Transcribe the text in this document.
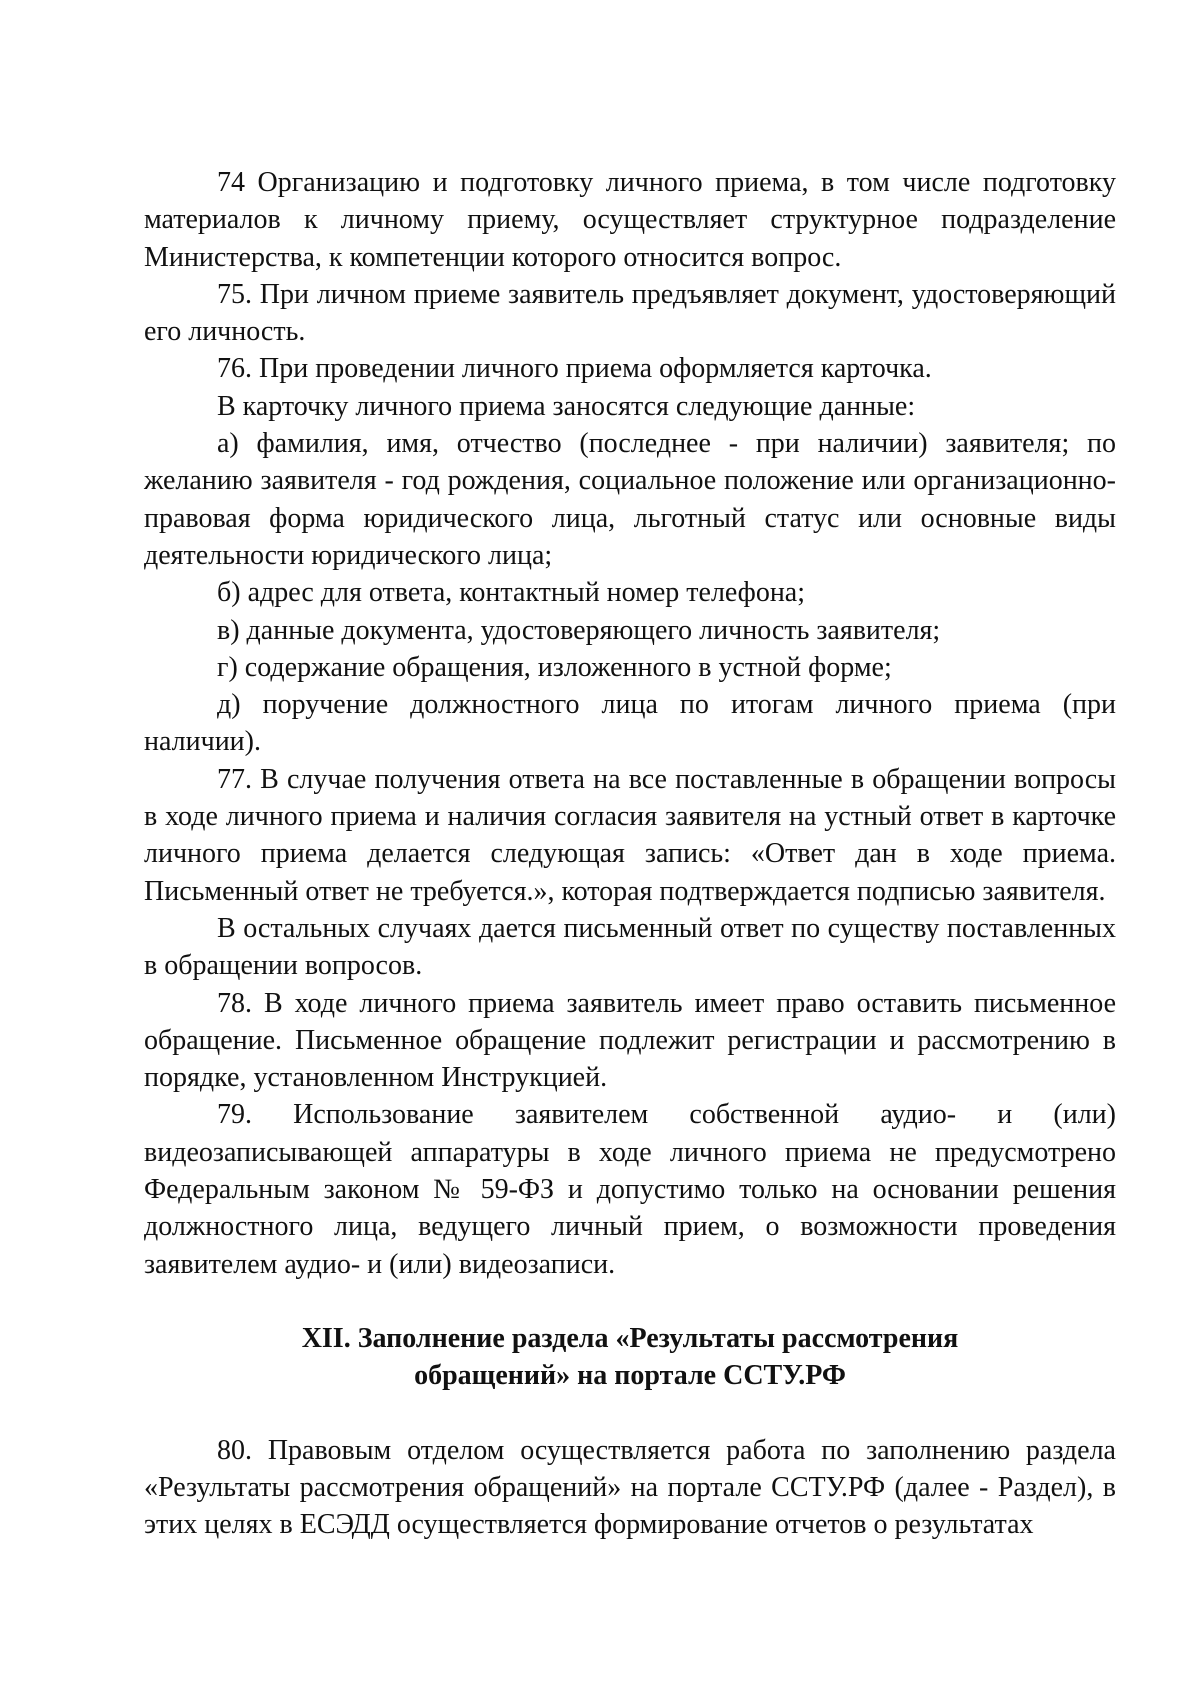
74 Организацию и подготовку личного приема, в том числе подготовку материалов к личному приему, осуществляет структурное подразделение Министерства, к компетенции которого относится вопрос.

75. При личном приеме заявитель предъявляет документ, удостоверяющий его личность.

76. При проведении личного приема оформляется карточка.

В карточку личного приема заносятся следующие данные:

а) фамилия, имя, отчество (последнее - при наличии) заявителя; по желанию заявителя - год рождения, социальное положение или организационно-правовая форма юридического лица, льготный статус или основные виды деятельности юридического лица;

б) адрес для ответа, контактный номер телефона;

в) данные документа, удостоверяющего личность заявителя;

г) содержание обращения, изложенного в устной форме;

д) поручение должностного лица по итогам личного приема (при наличии).

77. В случае получения ответа на все поставленные в обращении вопросы в ходе личного приема и наличия согласия заявителя на устный ответ в карточке личного приема делается следующая запись: «Ответ дан в ходе приема. Письменный ответ не требуется.», которая подтверждается подписью заявителя.

В остальных случаях дается письменный ответ по существу поставленных в обращении вопросов.

78. В ходе личного приема заявитель имеет право оставить письменное обращение. Письменное обращение подлежит регистрации и рассмотрению в порядке, установленном Инструкцией.

79. Использование заявителем собственной аудио- и (или) видеозаписывающей аппаратуры в ходе личного приема не предусмотрено Федеральным законом № 59-ФЗ и допустимо только на основании решения должностного лица, ведущего личный прием, о возможности проведения заявителем аудио- и (или) видеозаписи.

XII. Заполнение раздела «Результаты рассмотрения
обращений» на портале ССТУ.РФ

80. Правовым отделом осуществляется работа по заполнению раздела «Результаты рассмотрения обращений» на портале ССТУ.РФ (далее - Раздел), в этих целях в ЕСЭДД осуществляется формирование отчетов о результатах
